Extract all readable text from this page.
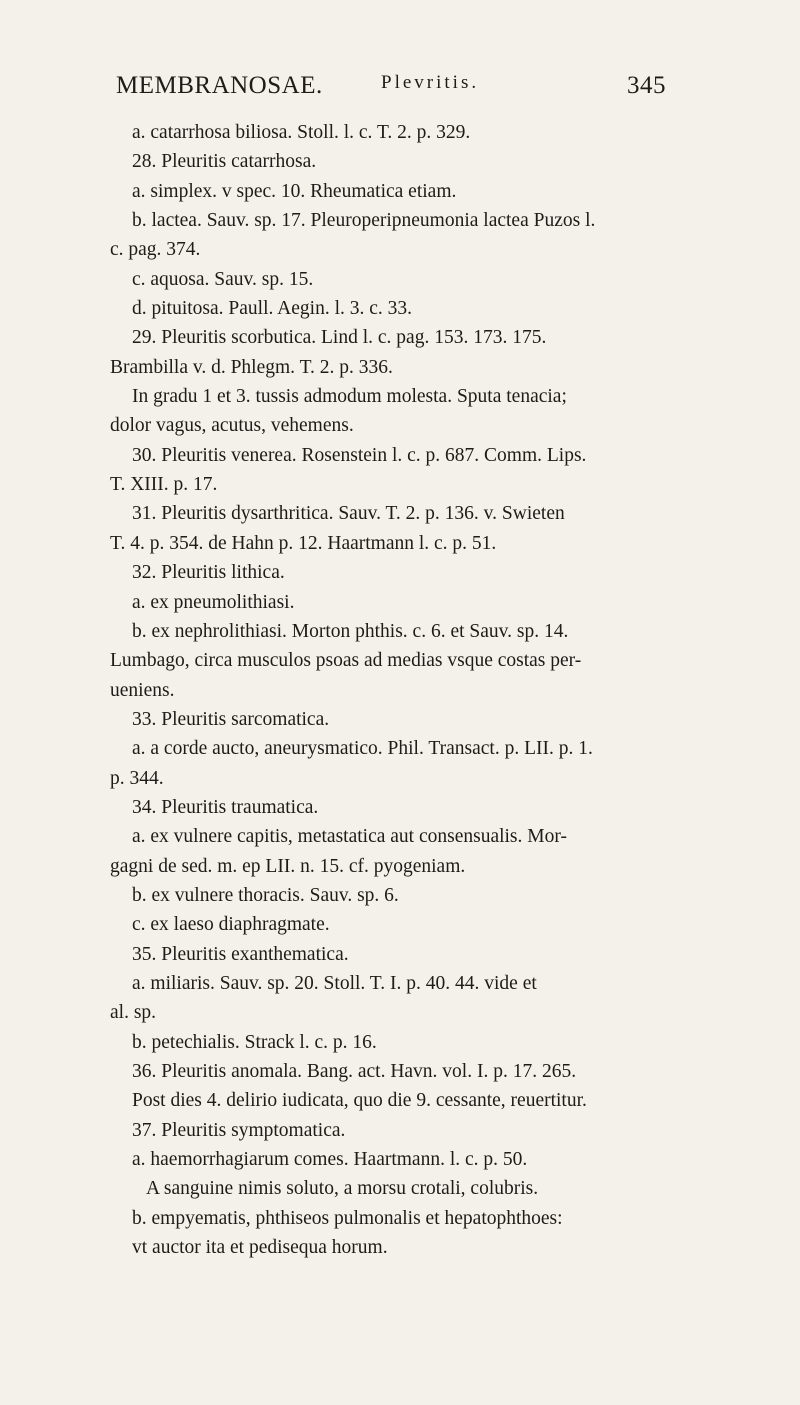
MEMBRANOSAE.	Plevritis.	345
a. catarrhosa biliosa. Stoll. l. c. T. 2. p. 329.
28. Pleuritis catarrhosa.
a. simplex. v spec. 10. Rheumatica etiam.
b. lactea. Sauv. sp. 17. Pleuroperipneumonia lactea Puzos l.
c. pag. 374.
c. aquosa. Sauv. sp. 15.
d. pituitosa. Paull. Aegin. l. 3. c. 33.
29. Pleuritis scorbutica. Lind l. c. pag. 153. 173. 175.
Brambilla v. d. Phlegm. T. 2. p. 336.
In gradu 1 et 3. tussis admodum molesta. Sputa tenacia;
dolor vagus, acutus, vehemens.
30. Pleuritis venerea. Rosenstein l. c. p. 687. Comm. Lips.
T. XIII. p. 17.
31. Pleuritis dysarthritica. Sauv. T. 2. p. 136. v. Swieten
T. 4. p. 354. de Hahn p. 12. Haartmann l. c. p. 51.
32. Pleuritis lithica.
a. ex pneumolithiasi.
b. ex nephrolithiasi. Morton phthis. c. 6. et Sauv. sp. 14.
Lumbago, circa musculos psoas ad medias vsque costas per-
ueniens.
33. Pleuritis sarcomatica.
a. a corde aucto, aneurysmatico. Phil. Transact. p. LII. p. 1.
p. 344.
34. Pleuritis traumatica.
a. ex vulnere capitis, metastatica aut consensualis. Mor-
gagni de sed. m. ep LII. n. 15. cf. pyogeniam.
b. ex vulnere thoracis. Sauv. sp. 6.
c. ex laeso diaphragmate.
35. Pleuritis exanthematica.
a. miliaris. Sauv. sp. 20. Stoll. T. I. p. 40. 44. vide et
al. sp.
b. petechialis. Strack l. c. p. 16.
36. Pleuritis anomala. Bang. act. Havn. vol. I. p. 17. 265.
Post dies 4. delirio iudicata, quo die 9. cessante, reuertitur.
37. Pleuritis symptomatica.
a. haemorrhagiarum comes. Haartmann. l. c. p. 50.
A sanguine nimis soluto, a morsu crotali, colubris.
b. empyematis, phthiseos pulmonalis et hepatophthoes:
vt auctor ita et pedisequa horum.
